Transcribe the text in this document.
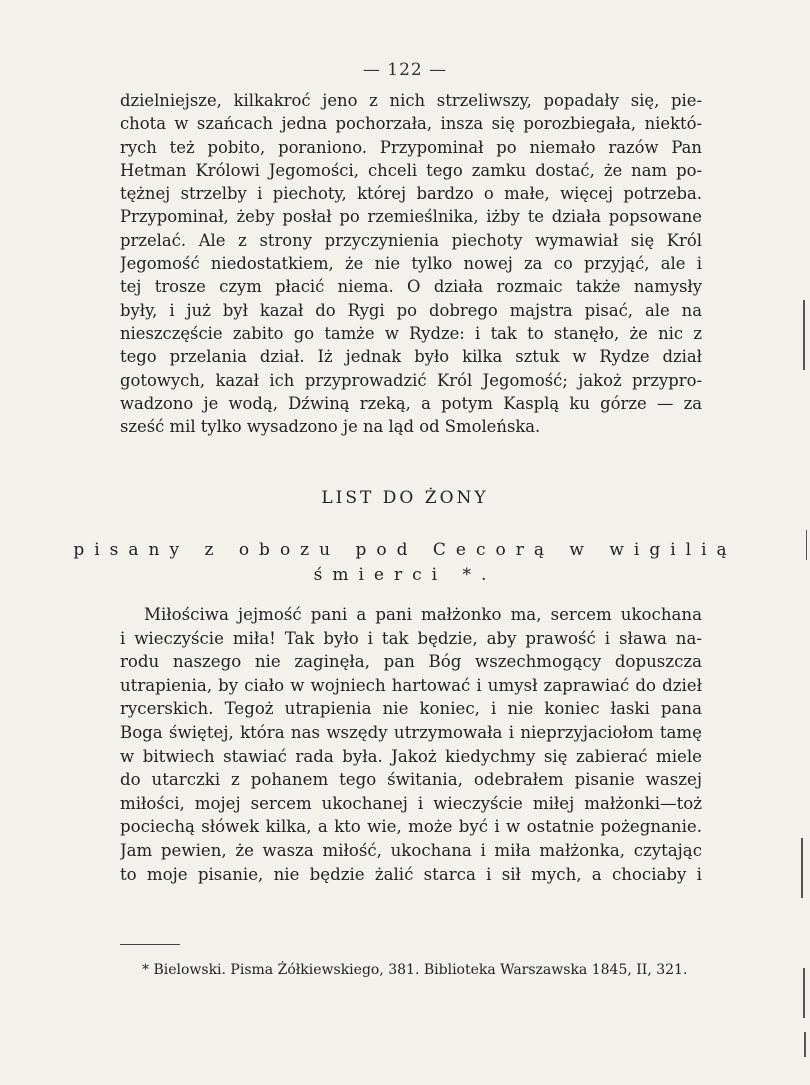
— 122 —
dzielniejsze, kilkakroć jeno z nich strzeliwszy, popadały się, pie-
chota w szańcach jedna pochorzała, insza się porozbiegała, niektó-
rych też pobito, poraniono. Przypominał po niemało razów Pan
Hetman Królowi Jegomości, chceli tego zamku dostać, że nam po-
tężnej strzelby i piechoty, której bardzo o małe, więcej potrzeba.
Przypominał, żeby posłał po rzemieślnika, iżby te działa popsowane
przelać. Ale z strony przyczynienia piechoty wymawiał się Król
Jegomość niedostatkiem, że nie tylko nowej za co przyjąć, ale i
tej trosze czym płacić niema. O działa rozmaic także namysły
były, i już był kazał do Rygi po dobrego majstra pisać, ale na
nieszczęście zabito go tamże w Rydze: i tak to stanęło, że nic z
tego przelania dział. Iż jednak było kilka sztuk w Rydze dział
gotowych, kazał ich przyprowadzić Król Jegomość; jakoż przypro-
wadzono je wodą, Dźwiną rzeką, a potym Kasplą ku górze — za
sześć mil tylko wysadzono je na ląd od Smoleńska.
LIST DO ŻONY
pisany z obozu pod Cecorą w wigilią
śmierci *.
Miłościwa jejmość pani a pani małżonko ma, sercem ukochana
i wieczyście miła! Tak było i tak będzie, aby prawość i sława na-
rodu naszego nie zaginęła, pan Bóg wszechmogący dopuszcza
utrapienia, by ciało w wojniech hartować i umysł zaprawiać do dzieł
rycerskich. Tegoż utrapienia nie koniec, i nie koniec łaski pana
Boga świętej, która nas wszędy utrzymowała i nieprzyjaciołom tamę
w bitwiech stawiać rada była. Jakoż kiedychmy się zabierać miele
do utarczki z pohanem tego świtania, odebrałem pisanie waszej
miłości, mojej sercem ukochanej i wieczyście miłej małżonki—toż
pociechą słówek kilka, a kto wie, może być i w ostatnie pożegnanie.
Jam pewien, że wasza miłość, ukochana i miła małżonka, czytając
to moje pisanie, nie będzie żalić starca i sił mych, a chociaby i
* Bielowski. Pisma Żółkiewskiego, 381. Biblioteka Warszawska 1845, II, 321.
